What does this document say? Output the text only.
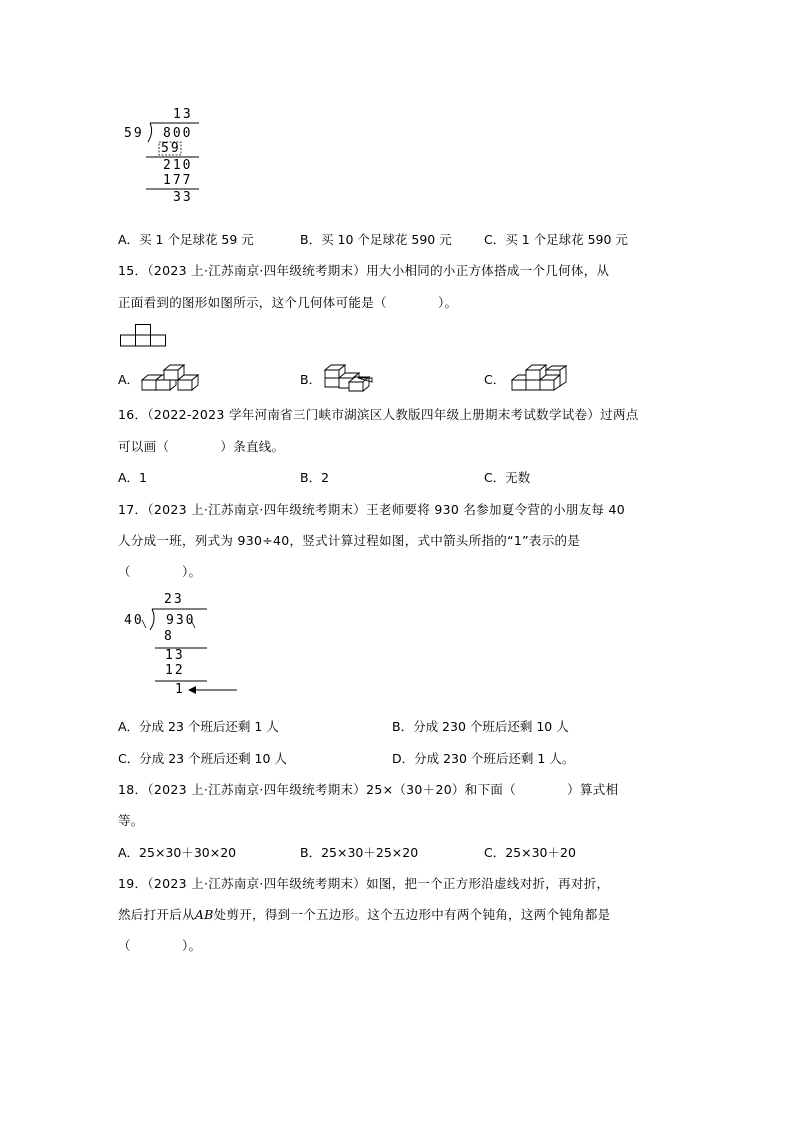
13
59 800
59
210
177
33
A．买 1 个足球花 59 元	B．买 10 个足球花 590 元	C．买 1 个足球花 590 元
15．（2023 上·江苏南京·四年级统考期末）用大小相同的小正方体搭成一个几何体，从
正面看到的图形如图所示，这个几何体可能是（　　　　）。
A．	B．	C．
16．（2022-2023 学年河南省三门峡市湖滨区人教版四年级上册期末考试数学试卷）过两点
可以画（　　　　）条直线。
A．1	B．2	C．无数
17．（2023 上·江苏南京·四年级统考期末）王老师要将 930 名参加夏令营的小朋友每 40
人分成一班，列式为 930÷40，竖式计算过程如图，式中箭头所指的“1”表示的是
（　　　　）。
23
40 930
8
13
12
1
A．分成 23 个班后还剩 1 人	B．分成 230 个班后还剩 10 人
C．分成 23 个班后还剩 10 人	D．分成 230 个班后还剩 1 人。
18．（2023 上·江苏南京·四年级统考期末）25×（30＋20）和下面（　　　　）算式相
等。
A．25×30＋30×20	B．25×30＋25×20	C．25×30＋20
19．（2023 上·江苏南京·四年级统考期末）如图，把一个正方形沿虚线对折，再对折，
然后打开后从AB处剪开，得到一个五边形。这个五边形中有两个钝角，这两个钝角都是
（　　　　）。
